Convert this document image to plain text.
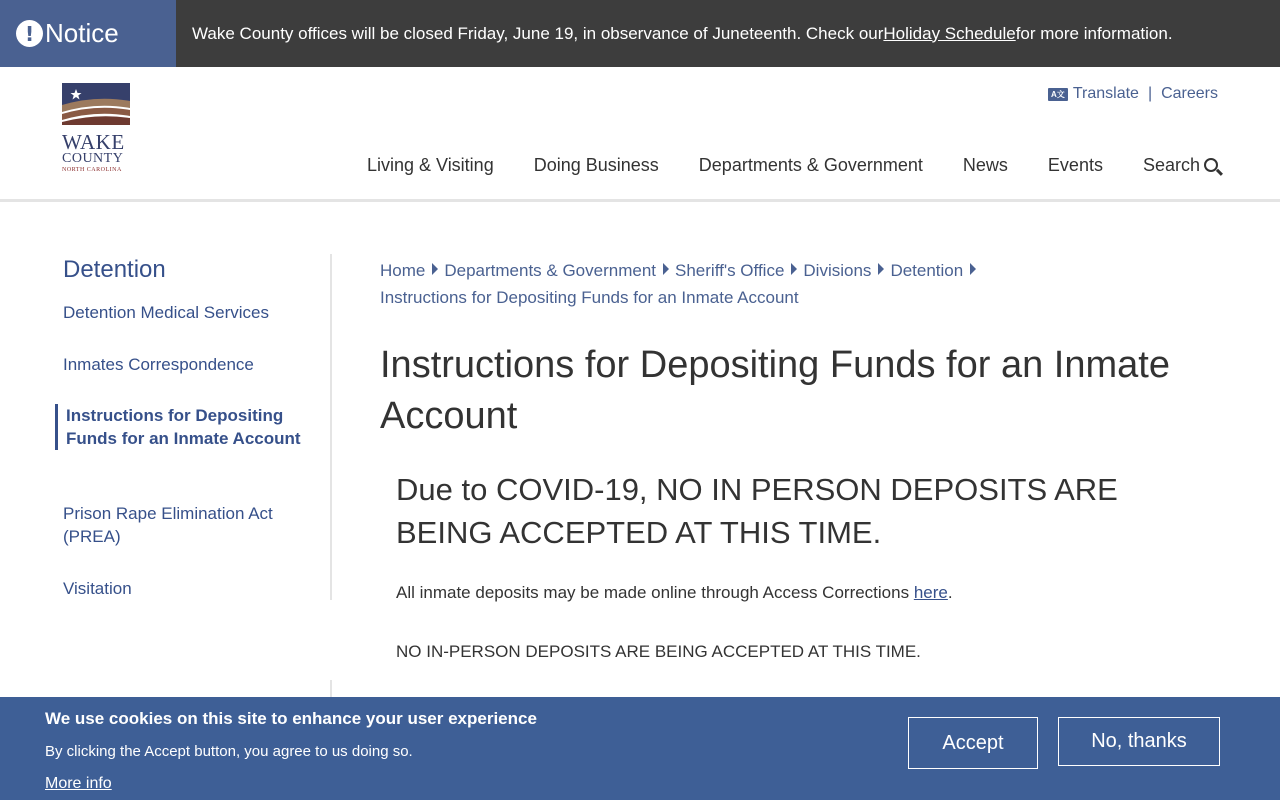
! Notice	Wake County offices will be closed Friday, June 19, in observance of Juneteenth. Check our Holiday Schedule for more information.
WAKE
COUNTY
NORTH CAROLINA
A文 Translate | Careers
Living & Visiting Doing Business Departments & Government News Events Search
Detention
Detention Medical Services
Inmates Correspondence
Instructions for Depositing Funds for an Inmate Account
Prison Rape Elimination Act (PREA)
Visitation
Home Departments & Government Sheriff's Office Divisions Detention
Instructions for Depositing Funds for an Inmate Account
Instructions for Depositing Funds for an Inmate Account
Due to COVID-19, NO IN PERSON DEPOSITS ARE BEING ACCEPTED AT THIS TIME.

All inmate deposits may be made online through Access Corrections here.

NO IN-PERSON DEPOSITS ARE BEING ACCEPTED AT THIS TIME.

We use cookies on this site to enhance your user experience
By clicking the Accept button, you agree to us doing so.
More info
Accept	No, thanks
